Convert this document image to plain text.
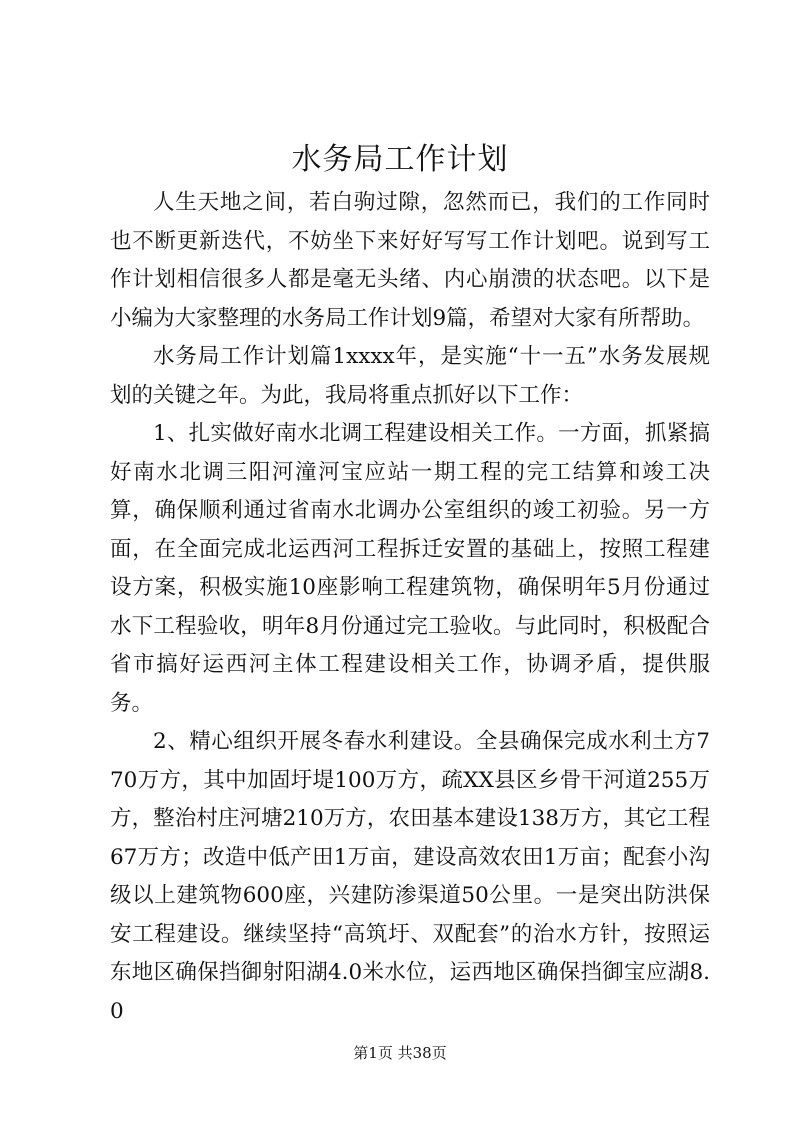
水务局工作计划

人生天地之间，若白驹过隙，忽然而已，我们的工作同时也不断更新迭代，不妨坐下来好好写写工作计划吧。说到写工作计划相信很多人都是毫无头绪、内心崩溃的状态吧。以下是小编为大家整理的水务局工作计划9篇，希望对大家有所帮助。

水务局工作计划篇1xxxx年，是实施“十一五”水务发展规划的关键之年。为此，我局将重点抓好以下工作：

1、扎实做好南水北调工程建设相关工作。一方面，抓紧搞好南水北调三阳河潼河宝应站一期工程的完工结算和竣工决算，确保顺利通过省南水北调办公室组织的竣工初验。另一方面，在全面完成北运西河工程拆迁安置的基础上，按照工程建设方案，积极实施10座影响工程建筑物，确保明年5月份通过水下工程验收，明年8月份通过完工验收。与此同时，积极配合省市搞好运西河主体工程建设相关工作，协调矛盾，提供服务。

2、精心组织开展冬春水利建设。全县确保完成水利土方770万方，其中加固圩堤100万方，疏XX县区乡骨干河道255万方，整治村庄河塘210万方，农田基本建设138万方，其它工程67万方；改造中低产田1万亩，建设高效农田1万亩；配套小沟级以上建筑物600座，兴建防渗渠道50公里。一是突出防洪保安工程建设。继续坚持“高筑圩、双配套”的治水方针，按照运东地区确保挡御射阳湖4.0米水位，运西地区确保挡御宝应湖8.0

第1页 共38页
